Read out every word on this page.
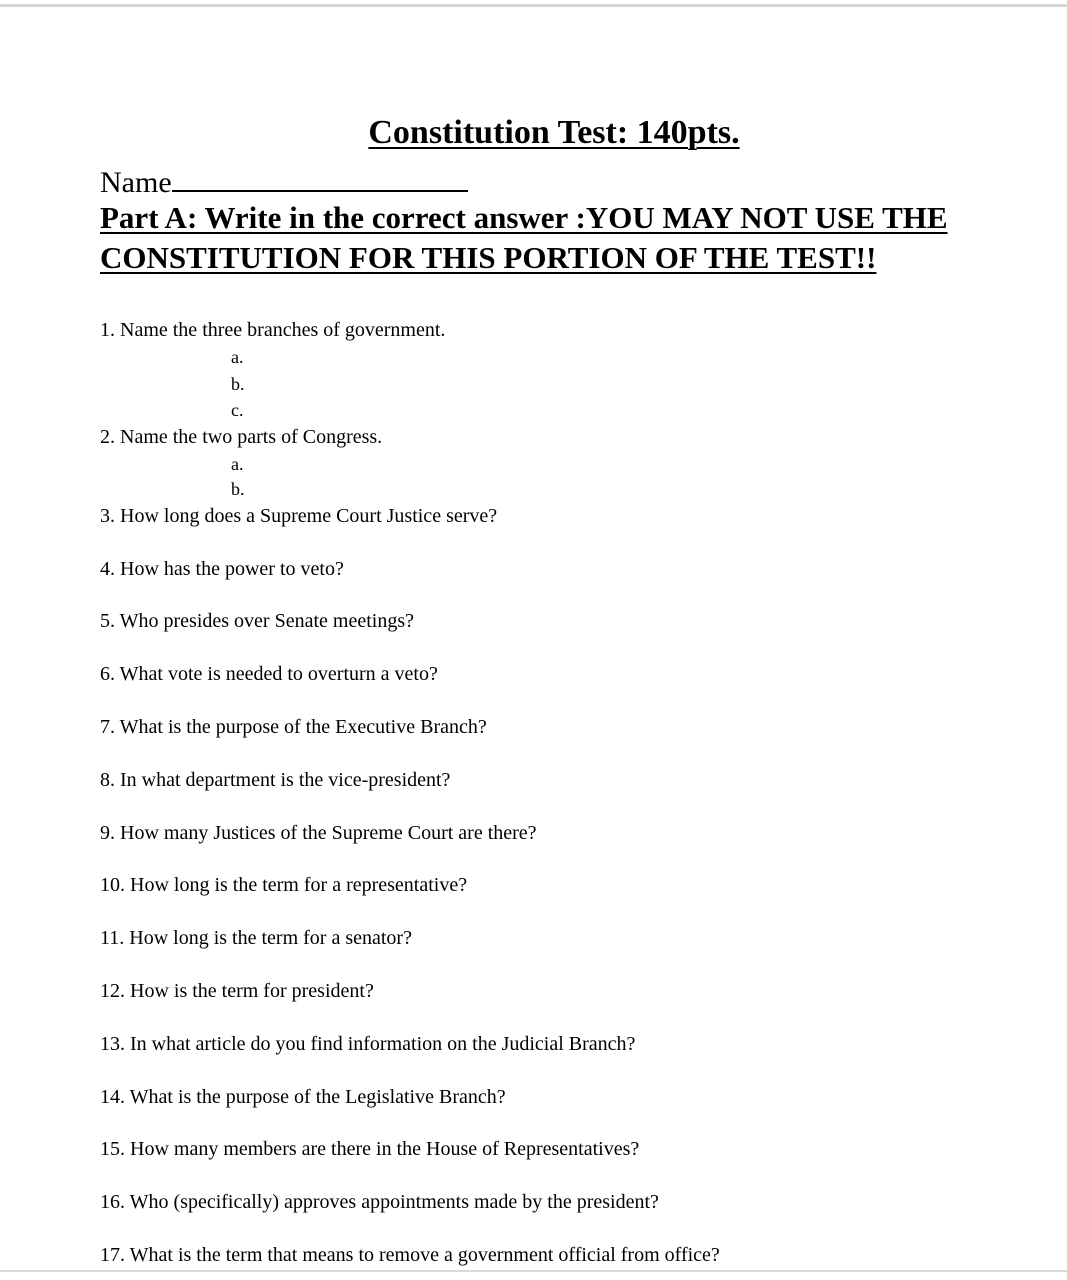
Constitution Test: 140pts.
Name
Part A: Write in the correct answer :YOU MAY NOT USE THE CONSTITUTION FOR THIS PORTION OF THE TEST!!
1. Name the three branches of government.
a.
b.
c.
2. Name the two parts of Congress.
a.
b.
3. How long does a Supreme Court Justice serve?
4. How has the power to veto?
5. Who presides over Senate meetings?
6. What vote is needed to overturn a veto?
7. What is the purpose of the Executive Branch?
8. In what department is the vice-president?
9. How many Justices of the Supreme Court are there?
10. How long is the term for a representative?
11. How long is the term for a senator?
12. How is the term for president?
13. In what article do you find information on the Judicial Branch?
14. What is the purpose of the Legislative Branch?
15. How many members are there in the House of Representatives?
16. Who (specifically) approves appointments made by the president?
17. What is the term that means to remove a government official from office?
